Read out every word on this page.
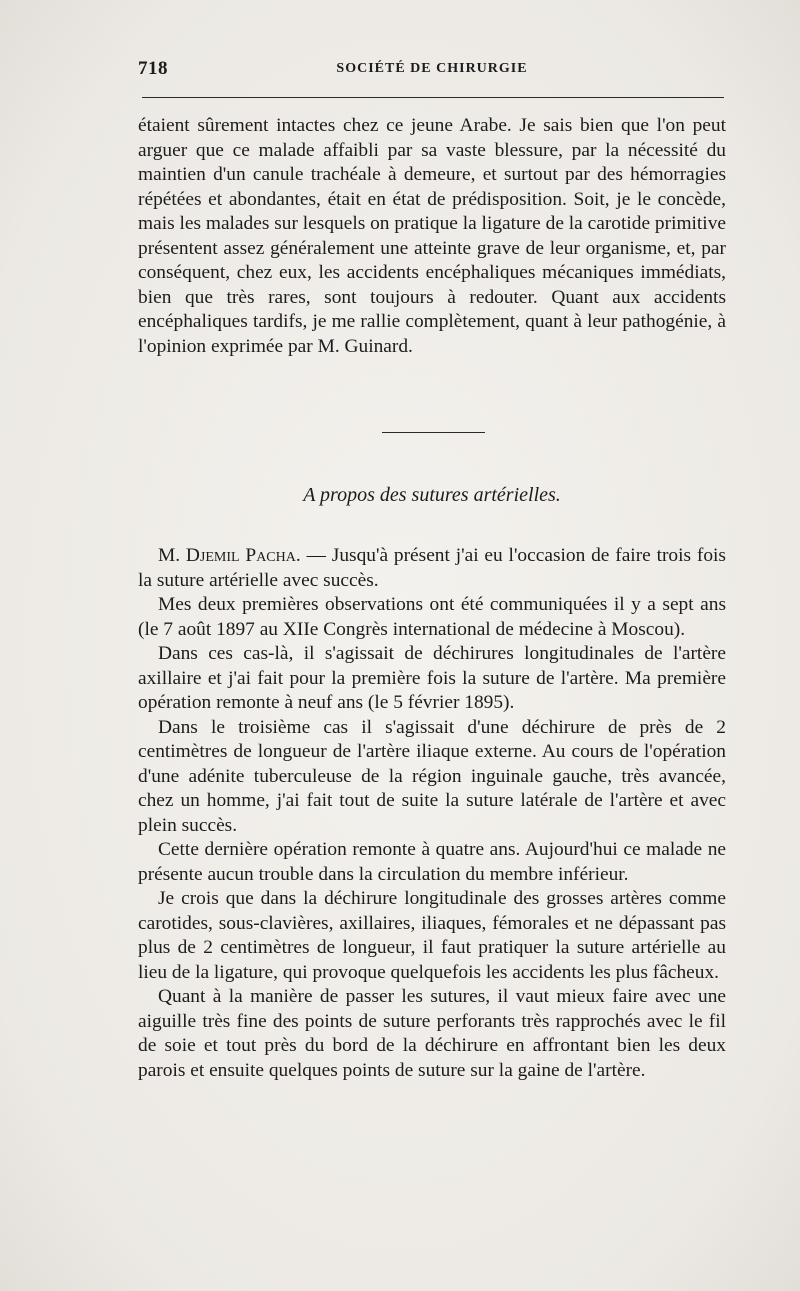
718	SOCIÉTÉ DE CHIRURGIE

étaient sûrement intactes chez ce jeune Arabe. Je sais bien que l'on peut arguer que ce malade affaibli par sa vaste blessure, par la nécessité du maintien d'un canule trachéale à demeure, et surtout par des hémorragies répétées et abondantes, était en état de prédisposition. Soit, je le concède, mais les malades sur lesquels on pratique la ligature de la carotide primitive présentent assez généralement une atteinte grave de leur organisme, et, par conséquent, chez eux, les accidents encéphaliques mécaniques immédiats, bien que très rares, sont toujours à redouter. Quant aux accidents encéphaliques tardifs, je me rallie complètement, quant à leur pathogénie, à l'opinion exprimée par M. Guinard.

A propos des sutures artérielles.

M. Djemil Pacha. — Jusqu'à présent j'ai eu l'occasion de faire trois fois la suture artérielle avec succès.

Mes deux premières observations ont été communiquées il y a sept ans (le 7 août 1897 au XIIe Congrès international de médecine à Moscou).

Dans ces cas-là, il s'agissait de déchirures longitudinales de l'artère axillaire et j'ai fait pour la première fois la suture de l'artère. Ma première opération remonte à neuf ans (le 5 février 1895).

Dans le troisième cas il s'agissait d'une déchirure de près de 2 centimètres de longueur de l'artère iliaque externe. Au cours de l'opération d'une adénite tuberculeuse de la région inguinale gauche, très avancée, chez un homme, j'ai fait tout de suite la suture latérale de l'artère et avec plein succès.

Cette dernière opération remonte à quatre ans. Aujourd'hui ce malade ne présente aucun trouble dans la circulation du membre inférieur.

Je crois que dans la déchirure longitudinale des grosses artères comme carotides, sous-clavières, axillaires, iliaques, fémorales et ne dépassant pas plus de 2 centimètres de longueur, il faut pratiquer la suture artérielle au lieu de la ligature, qui provoque quelquefois les accidents les plus fâcheux.

Quant à la manière de passer les sutures, il vaut mieux faire avec une aiguille très fine des points de suture perforants très rapprochés avec le fil de soie et tout près du bord de la déchirure en affrontant bien les deux parois et ensuite quelques points de suture sur la gaine de l'artère.
